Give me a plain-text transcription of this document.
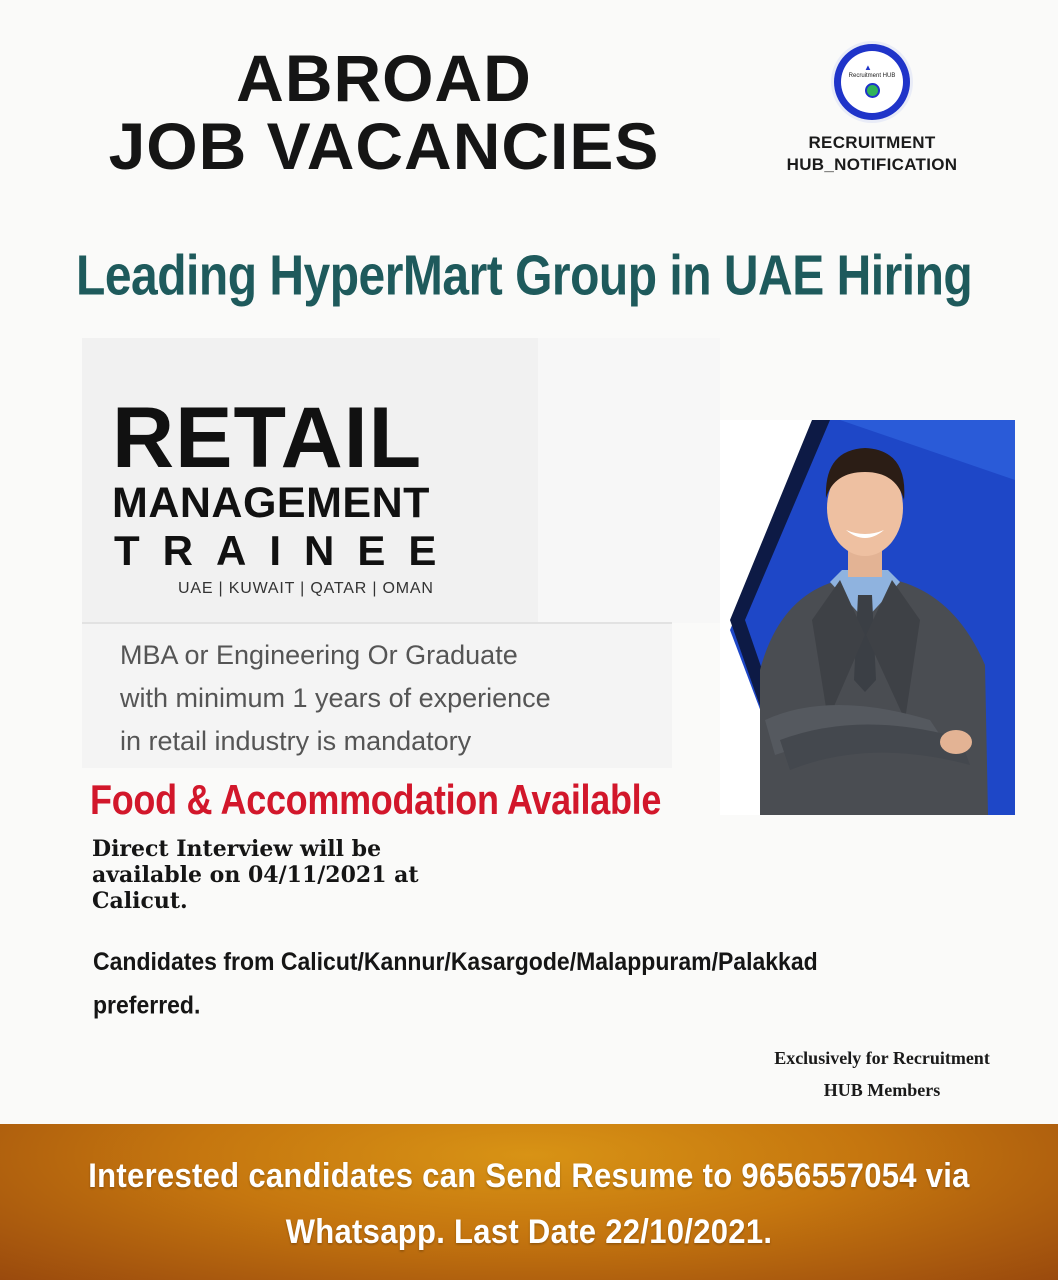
ABROAD
JOB VACANCIES
▲
Recruitment HUB
RECRUITMENT
HUB_NOTIFICATION
Leading HyperMart Group in UAE Hiring
RETAIL
MANAGEMENT
TRAINEE
UAE | KUWAIT | QATAR | OMAN
MBA or Engineering Or Graduate
with minimum 1 years of experience
in retail industry is mandatory
Food & Accommodation Available
Direct Interview will be available on 04/11/2021 at Calicut.
Candidates from Calicut/Kannur/Kasargode/Malappuram/Palakkad preferred.
Exclusively for Recruitment
HUB Members
Interested candidates can Send Resume to 9656557054 via
Whatsapp. Last Date 22/10/2021.
